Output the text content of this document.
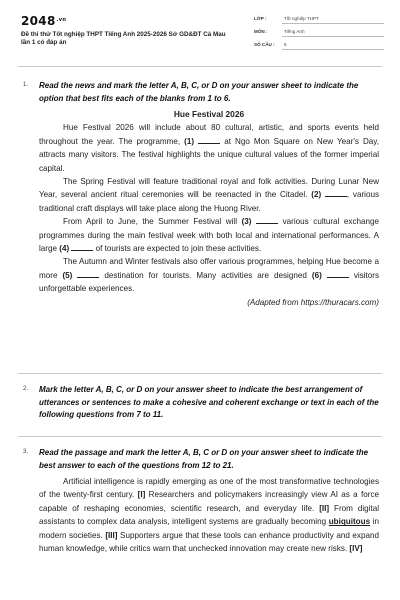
$2048^{.vn}$
Đề thi thử Tốt nghiệp THPT Tiếng Anh 2025-2026 Sở GD&ĐT Cà Mau lần 1 có đáp án
LỚP :	Tốt nghiệp THPT
MÔN :	Tiếng Anh
SỐ CÂU : 6
1. Read the news and mark the letter A, B, C, or D on your answer sheet to indicate the option that best fits each of the blanks from 1 to 6.

Hue Festival 2026

Hue Festival 2026 will include about 80 cultural, artistic, and sports events held throughout the year. The programme, (1)	at Ngo Mon Square on New Year's Day, attracts many visitors. The festival highlights the unique cultural values of the former imperial capital.

The Spring Festival will feature traditional royal and folk activities. During Lunar New Year, several ancient ritual ceremonies will be reenacted in the Citadel. (2)	, various traditional craft displays will take place along the Huong River.

From April to June, the Summer Festival will (3)	various cultural exchange programmes during the main festival week with both local and international performances. A large (4)	of tourists are expected to join these activities.

The Autumn and Winter festivals also offer various programmes, helping Hue become a more (5)	destination for tourists. Many activities are designed (6)	visitors unforgettable experiences.

(Adapted from https://thuracars.com)

2. Mark the letter A, B, C, or D on your answer sheet to indicate the best arrangement of utterances or sentences to make a cohesive and coherent exchange or text in each of the following questions from 7 to 11.
3. Read the passage and mark the letter A, B, C or D on your answer sheet to indicate the best answer to each of the questions from 12 to 21.

Artificial intelligence is rapidly emerging as one of the most transformative technologies of the twenty-first century. [I] Researchers and policymakers increasingly view AI as a force capable of reshaping economies, scientific research, and everyday life. [II] From digital assistants to complex data analysis, intelligent systems are gradually becoming ubiquitous in modern societies. [III] Supporters argue that these tools can enhance productivity and expand human knowledge, while critics warn that unchecked innovation may create new risks. [IV]
